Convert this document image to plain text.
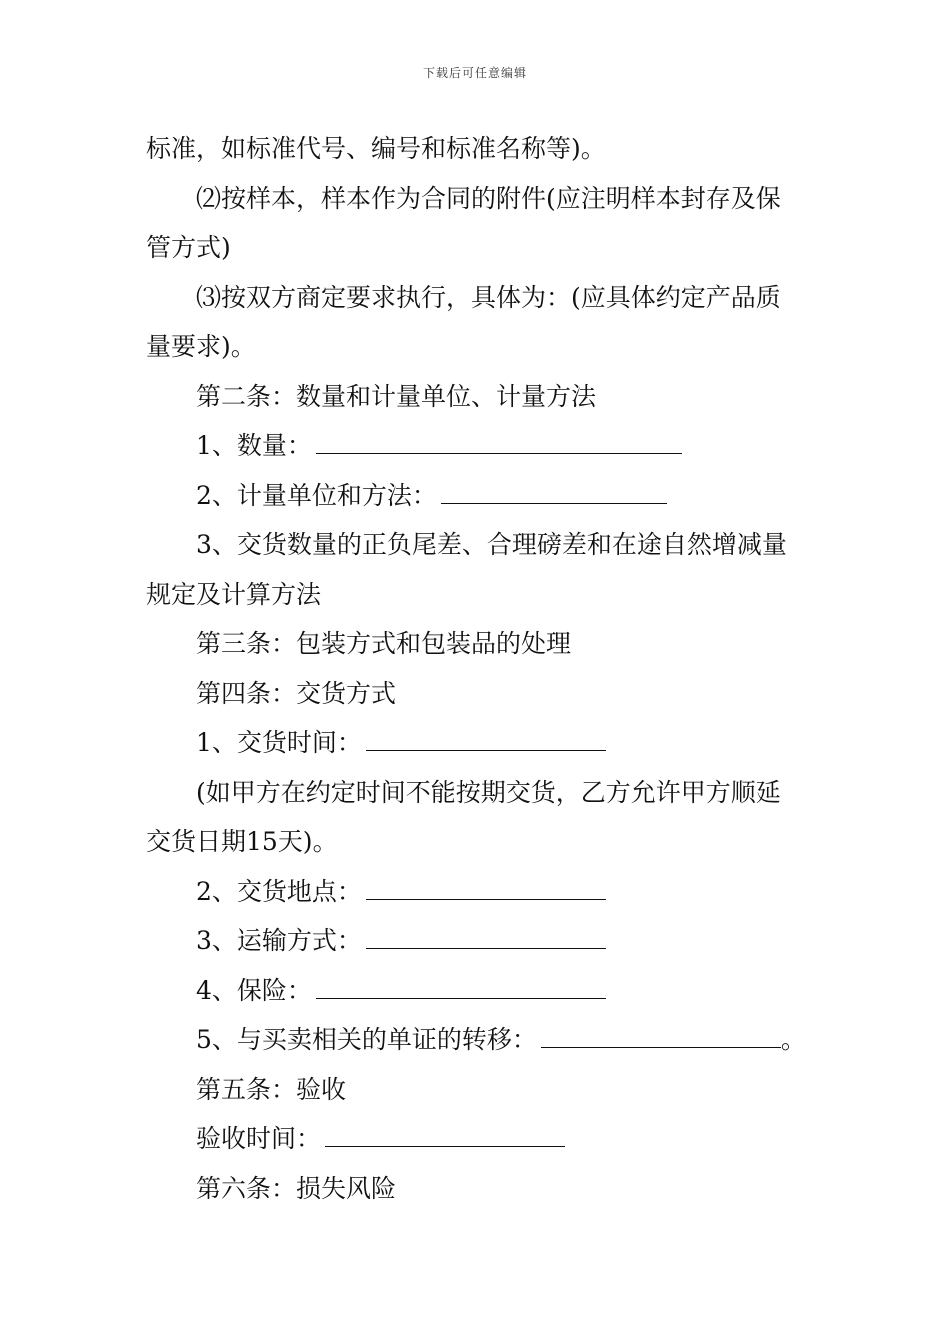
下载后可任意编辑
标准，如标准代号、编号和标准名称等)。
⑵按样本，样本作为合同的附件(应注明样本封存及保
管方式)
⑶按双方商定要求执行，具体为：(应具体约定产品质
量要求)。
第二条：数量和计量单位、计量方法
1、数量：
2、计量单位和方法：
3、交货数量的正负尾差、合理磅差和在途自然增减量
规定及计算方法
第三条：包装方式和包装品的处理
第四条：交货方式
1、交货时间：
(如甲方在约定时间不能按期交货，乙方允许甲方顺延
交货日期15天)。
2、交货地点：
3、运输方式：
4、保险：
5、与买卖相关的单证的转移：	。
第五条：验收
验收时间：
第六条：损失风险
